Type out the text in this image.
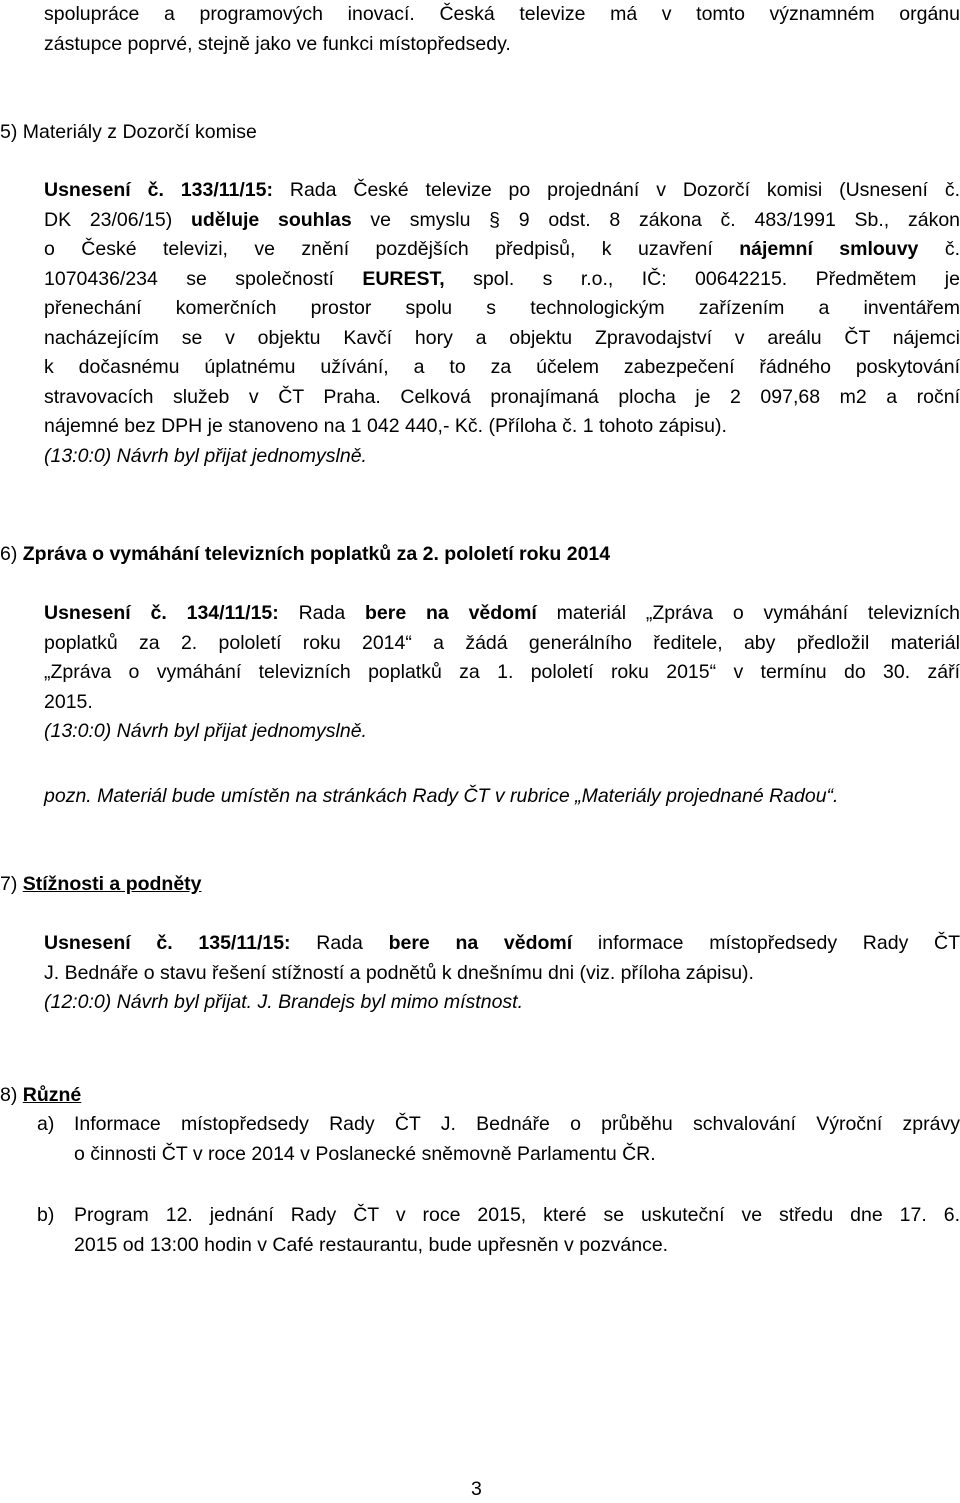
spolupráce a programových inovací. Česká televize má v tomto významném orgánu
zástupce poprvé, stejně jako ve funkci místopředsedy.
5) Materiály z Dozorčí komise
Usnesení č. 133/11/15: Rada České televize po projednání v Dozorčí komisi (Usnesení č.
DK 23/06/15) uděluje souhlas ve smyslu § 9 odst. 8 zákona č. 483/1991 Sb., zákon
o České televizi, ve znění pozdějších předpisů, k uzavření nájemní smlouvy č.
1070436/234 se společností EUREST, spol. s r.o., IČ: 00642215. Předmětem je
přenechání komerčních prostor spolu s technologickým zařízením a inventářem
nacházejícím se v objektu Kavčí hory a objektu Zpravodajství v areálu ČT nájemci
k dočasnému úplatnému užívání, a to za účelem zabezpečení řádného poskytování
stravovacích služeb v ČT Praha. Celková pronajímaná plocha je 2 097,68 m2 a roční
nájemné bez DPH je stanoveno na 1 042 440,- Kč. (Příloha č. 1 tohoto zápisu).
(13:0:0) Návrh byl přijat jednomyslně.
6) Zpráva o vymáhání televizních poplatků za 2. pololetí roku 2014
Usnesení č. 134/11/15: Rada bere na vědomí materiál „Zpráva o vymáhání televizních
poplatků za 2. pololetí roku 2014“ a žádá generálního ředitele, aby předložil materiál
„Zpráva o vymáhání televizních poplatků za 1. pololetí roku 2015“ v termínu do 30. září
2015.
(13:0:0) Návrh byl přijat jednomyslně.
pozn. Materiál bude umístěn na stránkách Rady ČT v rubrice „Materiály projednané Radou“.
7) Stížnosti a podněty
Usnesení č. 135/11/15: Rada bere na vědomí informace místopředsedy Rady ČT
J. Bednáře o stavu řešení stížností a podnětů k dnešnímu dni (viz. příloha zápisu).
(12:0:0) Návrh byl přijat. J. Brandejs byl mimo místnost.
8) Různé
a) Informace místopředsedy Rady ČT J. Bednáře o průběhu schvalování Výroční zprávy
o činnosti ČT v roce 2014 v Poslanecké sněmovně Parlamentu ČR.
b) Program 12. jednání Rady ČT v roce 2015, které se uskuteční ve středu dne 17. 6.
2015 od 13:00 hodin v Café restaurantu, bude upřesněn v pozvánce.
3
